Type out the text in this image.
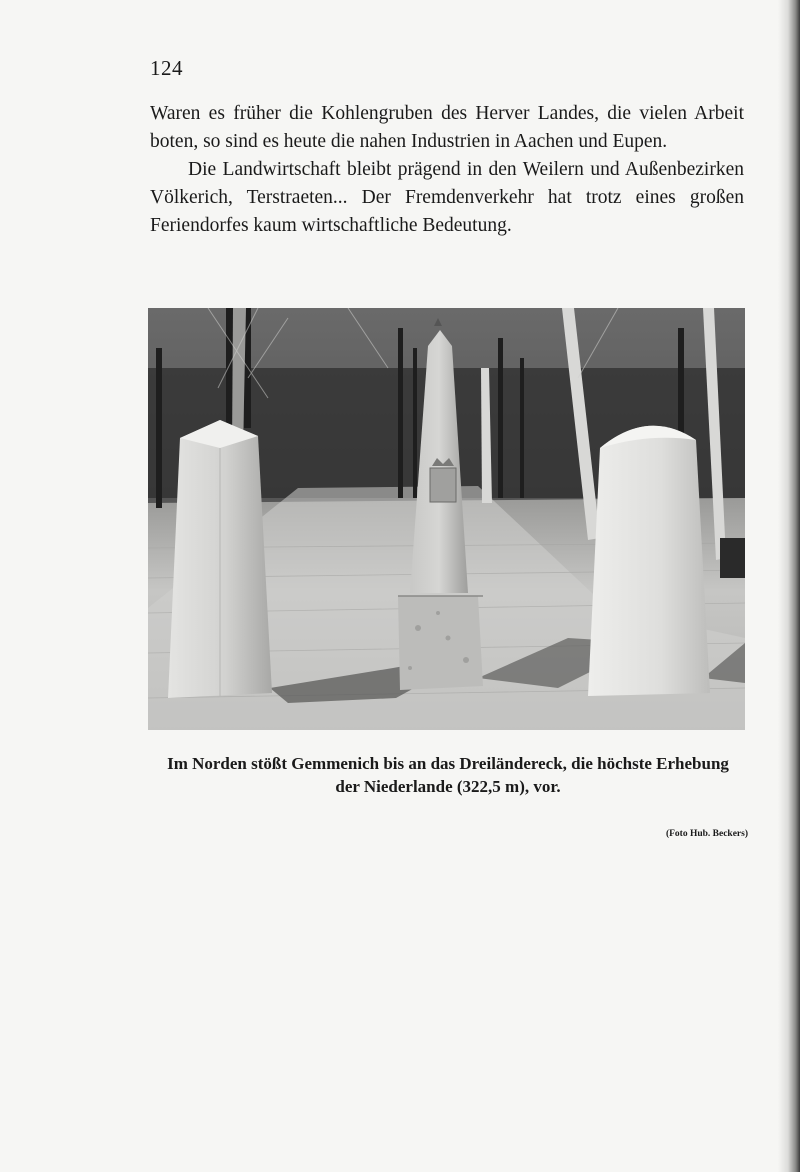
124

Waren es früher die Kohlengruben des Herver Landes, die vielen Arbeit boten, so sind es heute die nahen Industrien in Aachen und Eupen.

Die Landwirtschaft bleibt prägend in den Weilern und Außenbezirken Völkerich, Terstraeten... Der Fremdenverkehr hat trotz eines großen Feriendorfes kaum wirtschaftliche Bedeutung.

Im Norden stößt Gemmenich bis an das Dreiländereck, die höchste Erhebung
der Niederlande (322,5 m), vor.

(Foto Hub. Beckers)
